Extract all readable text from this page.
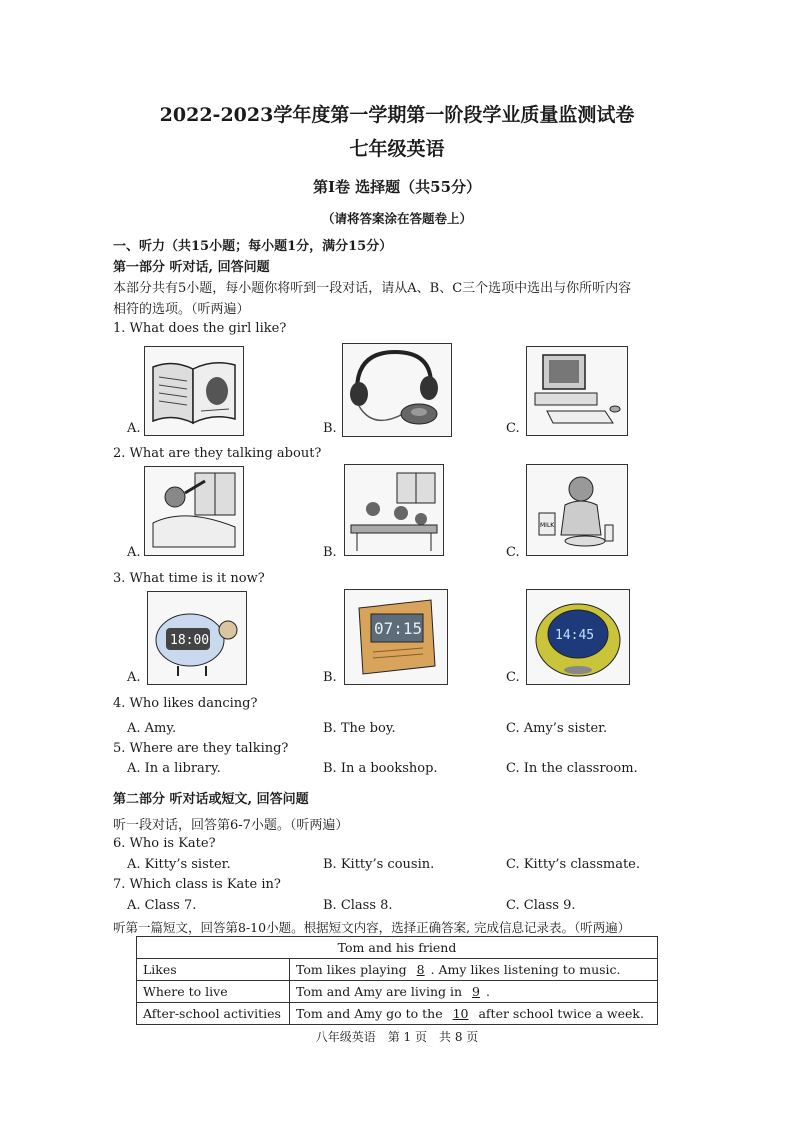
2022-2023学年度第一学期第一阶段学业质量监测试卷
七年级英语
第I卷 选择题（共55分）
（请将答案涂在答题卷上）
一、听力（共15小题；每小题1分，满分15分）
第一部分 听对话, 回答问题
本部分共有5小题，每小题你将听到一段对话，请从A、B、C三个选项中选出与你所听内容
相符的选项。（听两遍）
1. What does the girl like?
A.	B.	C.
2. What are they talking about?
A.	B.	C.
MILK
3. What time is it now?
A.
18:00
B.
07:15
C.
14:45
4. Who likes dancing?
A. Amy.	B. The boy.	C. Amy’s sister.
5. Where are they talking?
A. In a library.	B. In a bookshop.	C. In the classroom.
第二部分 听对话或短文, 回答问题
听一段对话，回答第6-7小题。（听两遍）
6. Who is Kate?
A. Kitty’s sister.	B. Kitty’s cousin.	C. Kitty’s classmate.
7. Which class is Kate in?
A. Class 7.	B. Class 8.	C. Class 9.
听第一篇短文，回答第8-10小题。根据短文内容，选择正确答案, 完成信息记录表。（听两遍）
Tom and his friend	
Likes	Tom likes playing 8 . Amy likes listening to music.
Where to live	Tom and Amy are living in 9 .
After-school activities	Tom and Amy go to the 10 after school twice a week.
八年级英语　第 1 页　共 8 页
